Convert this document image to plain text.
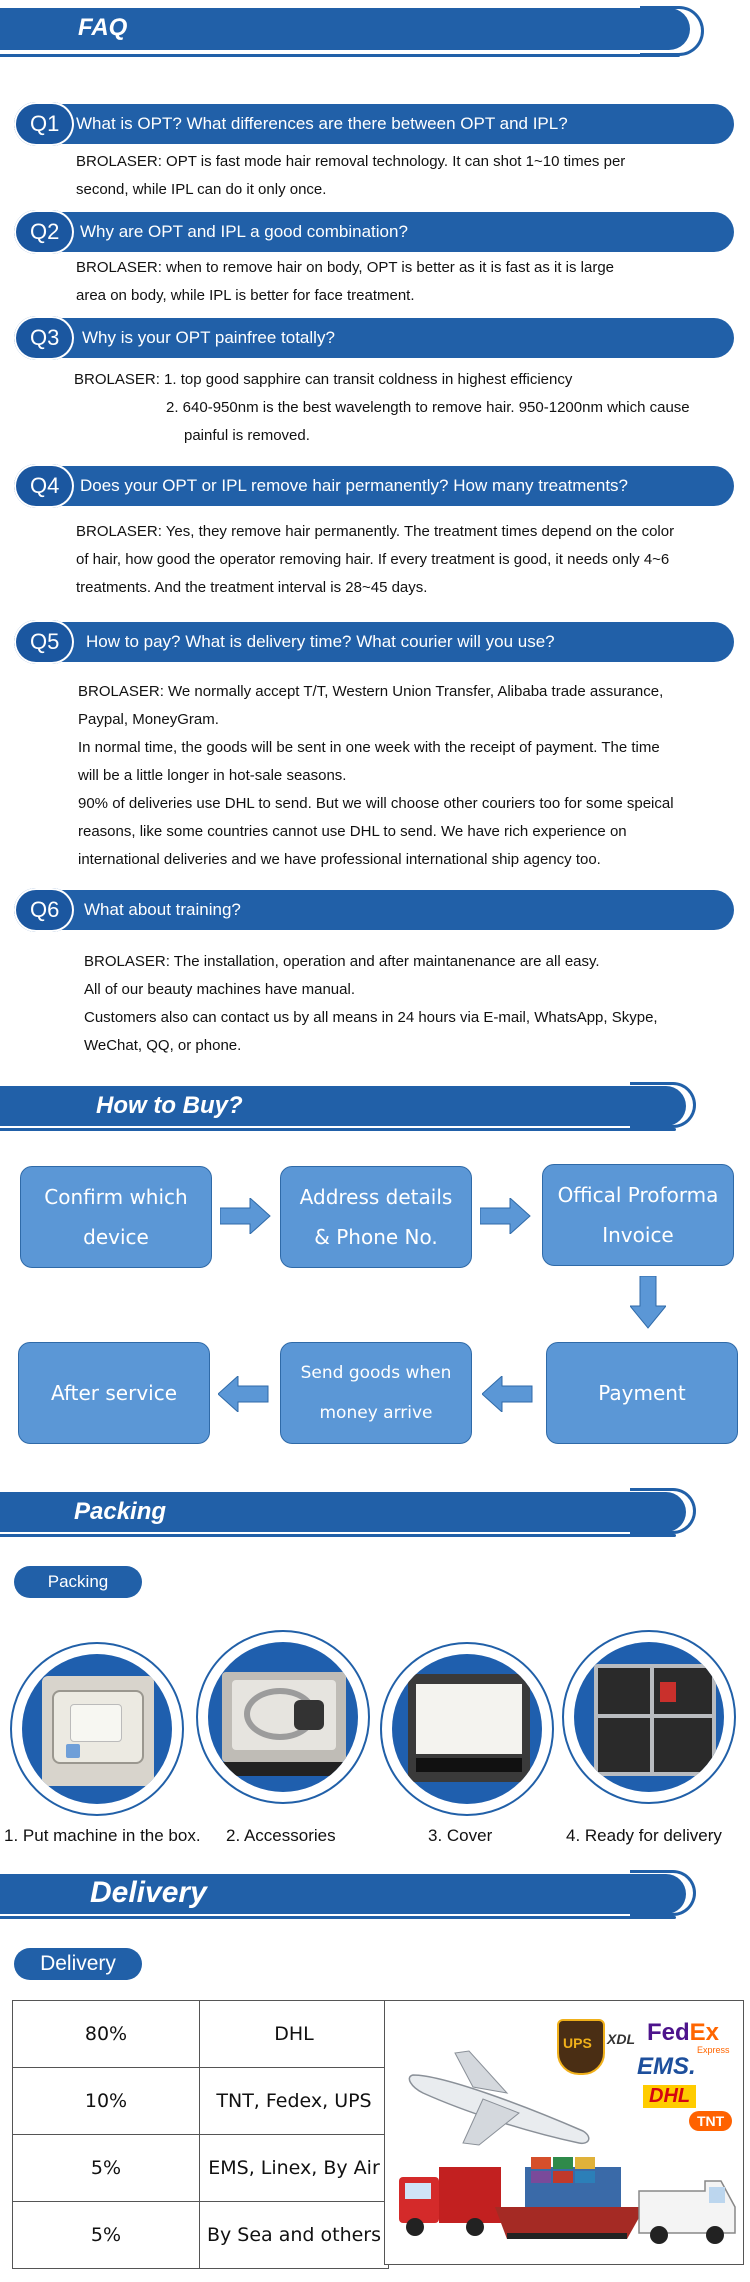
FAQ
Q1 What is OPT? What differences are there between OPT and IPL?

BROLASER: OPT is fast mode hair removal technology. It can shot 1~10 times per

second, while IPL can do it only once.

Q2 Why are OPT and IPL a good combination?

BROLASER: when to remove hair on body, OPT is better as it is fast as it is large

area on body, while IPL is better for face treatment.

Q3 Why is your OPT painfree totally?

BROLASER: 1. top good sapphire can transit coldness in highest efficiency

2. 640-950nm is the best wavelength to remove hair. 950-1200nm which cause

painful is removed.

Q4 Does your OPT or IPL remove hair permanently? How many treatments?

BROLASER: Yes, they remove hair permanently. The treatment times depend on the color

of hair, how good the operator removing hair. If every treatment is good, it needs only 4~6

treatments. And the treatment interval is 28~45 days.

Q5 How to pay? What is delivery time? What courier will you use?

BROLASER: We normally accept T/T, Western Union Transfer, Alibaba trade assurance,

Paypal, MoneyGram.

In normal time, the goods will be sent in one week with the receipt of payment. The time

will be a little longer in hot-sale seasons.

90% of deliveries use DHL to send. But we will choose other couriers too for some speical

reasons, like some countries cannot use DHL to send. We have rich experience on

international deliveries and we have professional international ship agency too.

Q6 What about training?

BROLASER: The installation, operation and after maintanenance are all easy.

All of our beauty machines have manual.

Customers also can contact us by all means in 24 hours via E-mail, WhatsApp, Skype,

WeChat, QQ, or phone.

How to Buy?
Confirm which device
Address details & Phone No.
Offical Proforma Invoice
Payment
Send goods when money arrive
After service
Packing
Packing
1. Put machine in the box. 2. Accessories	3. Cover	4. Ready for delivery
Delivery
Delivery
80%	DHL
10%	TNT, Fedex, UPS
5%	EMS, Linex, By Air
5%	By Sea and others
UPS XDL FedEx
Express
EMS.
DHL
TNT
